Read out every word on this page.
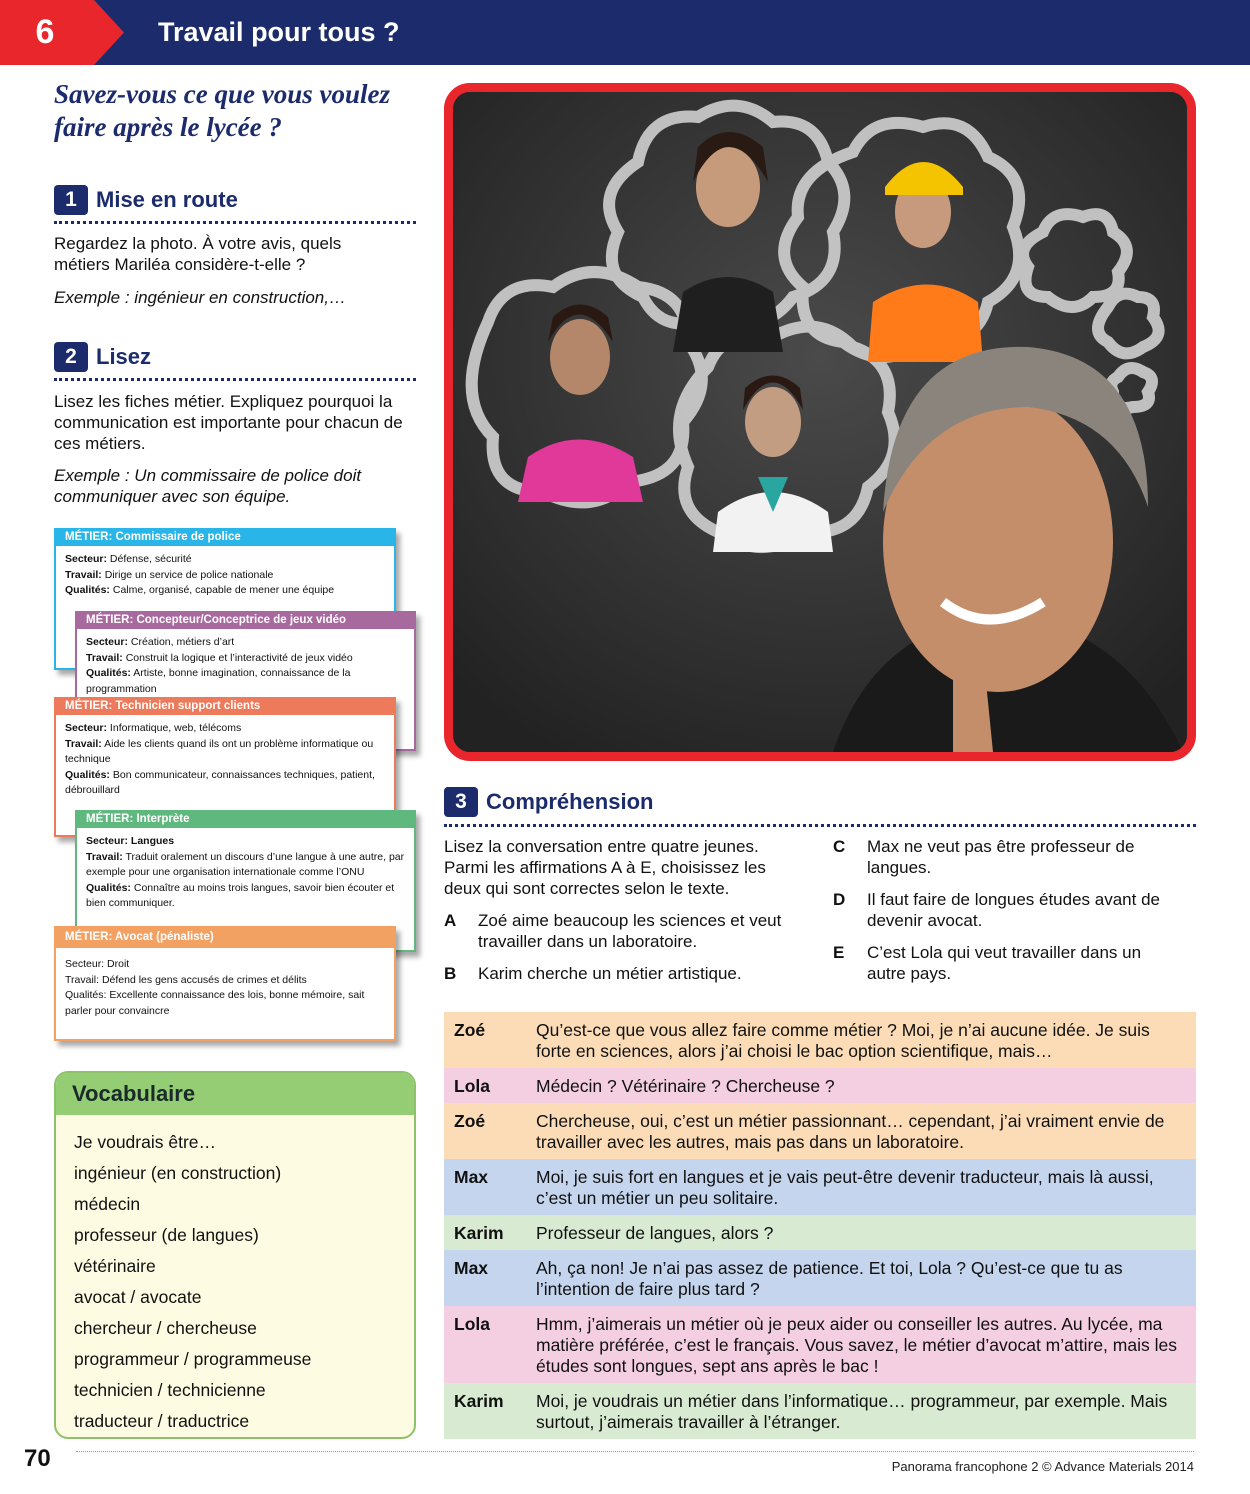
6	Travail pour tous ?
Savez-vous ce que vous voulez faire après le lycée ?
1 Mise en route
Regardez la photo. À votre avis, quels métiers Mariléa considère-t-elle ?
Exemple : ingénieur en construction,…
2 Lisez
Lisez les fiches métier. Expliquez pourquoi la communication est importante pour chacun de ces métiers.
Exemple : Un commissaire de police doit communiquer avec son équipe.
MÉTIER: Commissaire de police
Secteur: Défense, sécurité
Travail: Dirige un service de police nationale
Qualités: Calme, organisé, capable de mener une équipe
MÉTIER: Concepteur/Conceptrice de jeux vidéo
Secteur: Création, métiers d’art
Travail: Construit la logique et l’interactivité de jeux vidéo
Qualités: Artiste, bonne imagination, connaissance de la programmation
MÉTIER: Technicien support clients
Secteur: Informatique, web, télécoms
Travail: Aide les clients quand ils ont un problème informatique ou technique
Qualités: Bon communicateur, connaissances techniques, patient, débrouillard
MÉTIER: Interprète
Secteur: Langues
Travail: Traduit oralement un discours d’une langue à une autre, par exemple pour une organisation internationale comme l’ONU
Qualités: Connaître au moins trois langues, savoir bien écouter et bien communiquer.
MÉTIER: Avocat (pénaliste)
Secteur: Droit
Travail: Défend les gens accusés de crimes et délits
Qualités: Excellente connaissance des lois, bonne mémoire, sait parler pour convaincre
Vocabulaire
Je voudrais être…
ingénieur (en construction)
médecin
professeur (de langues)
vétérinaire
avocat / avocate
chercheur / chercheuse
programmeur / programmeuse
technicien / technicienne
traducteur / traductrice
3 Compréhension
Lisez la conversation entre quatre jeunes. Parmi les affirmations A à E, choisissez les deux qui sont correctes selon le texte.
A Zoé aime beaucoup les sciences et veut travailler dans un laboratoire.
B Karim cherche un métier artistique.
C Max ne veut pas être professeur de langues.
D Il faut faire de longues études avant de devenir avocat.
E C’est Lola qui veut travailler dans un autre pays.
Zoé	Qu’est-ce que vous allez faire comme métier ? Moi, je n’ai aucune idée. Je suis forte en sciences, alors j’ai choisi le bac option scientifique, mais…
Lola	Médecin ? Vétérinaire ? Chercheuse ?
Zoé	Chercheuse, oui, c’est un métier passionnant… cependant, j’ai vraiment envie de travailler avec les autres, mais pas dans un laboratoire.
Max	Moi, je suis fort en langues et je vais peut-être devenir traducteur, mais là aussi, c’est un métier un peu solitaire.
Karim Professeur de langues, alors ?
Max	Ah, ça non! Je n’ai pas assez de patience. Et toi, Lola ? Qu’est-ce que tu as l’intention de faire plus tard ?
Lola	Hmm, j’aimerais un métier où je peux aider ou conseiller les autres. Au lycée, ma matière préférée, c’est le français. Vous savez, le métier d’avocat m’attire, mais les études sont longues, sept ans après le bac !
Karim Moi, je voudrais un métier dans l’informatique… programmeur, par exemple. Mais surtout, j’aimerais travailler à l’étranger.
70	Panorama francophone 2 © Advance Materials 2014
